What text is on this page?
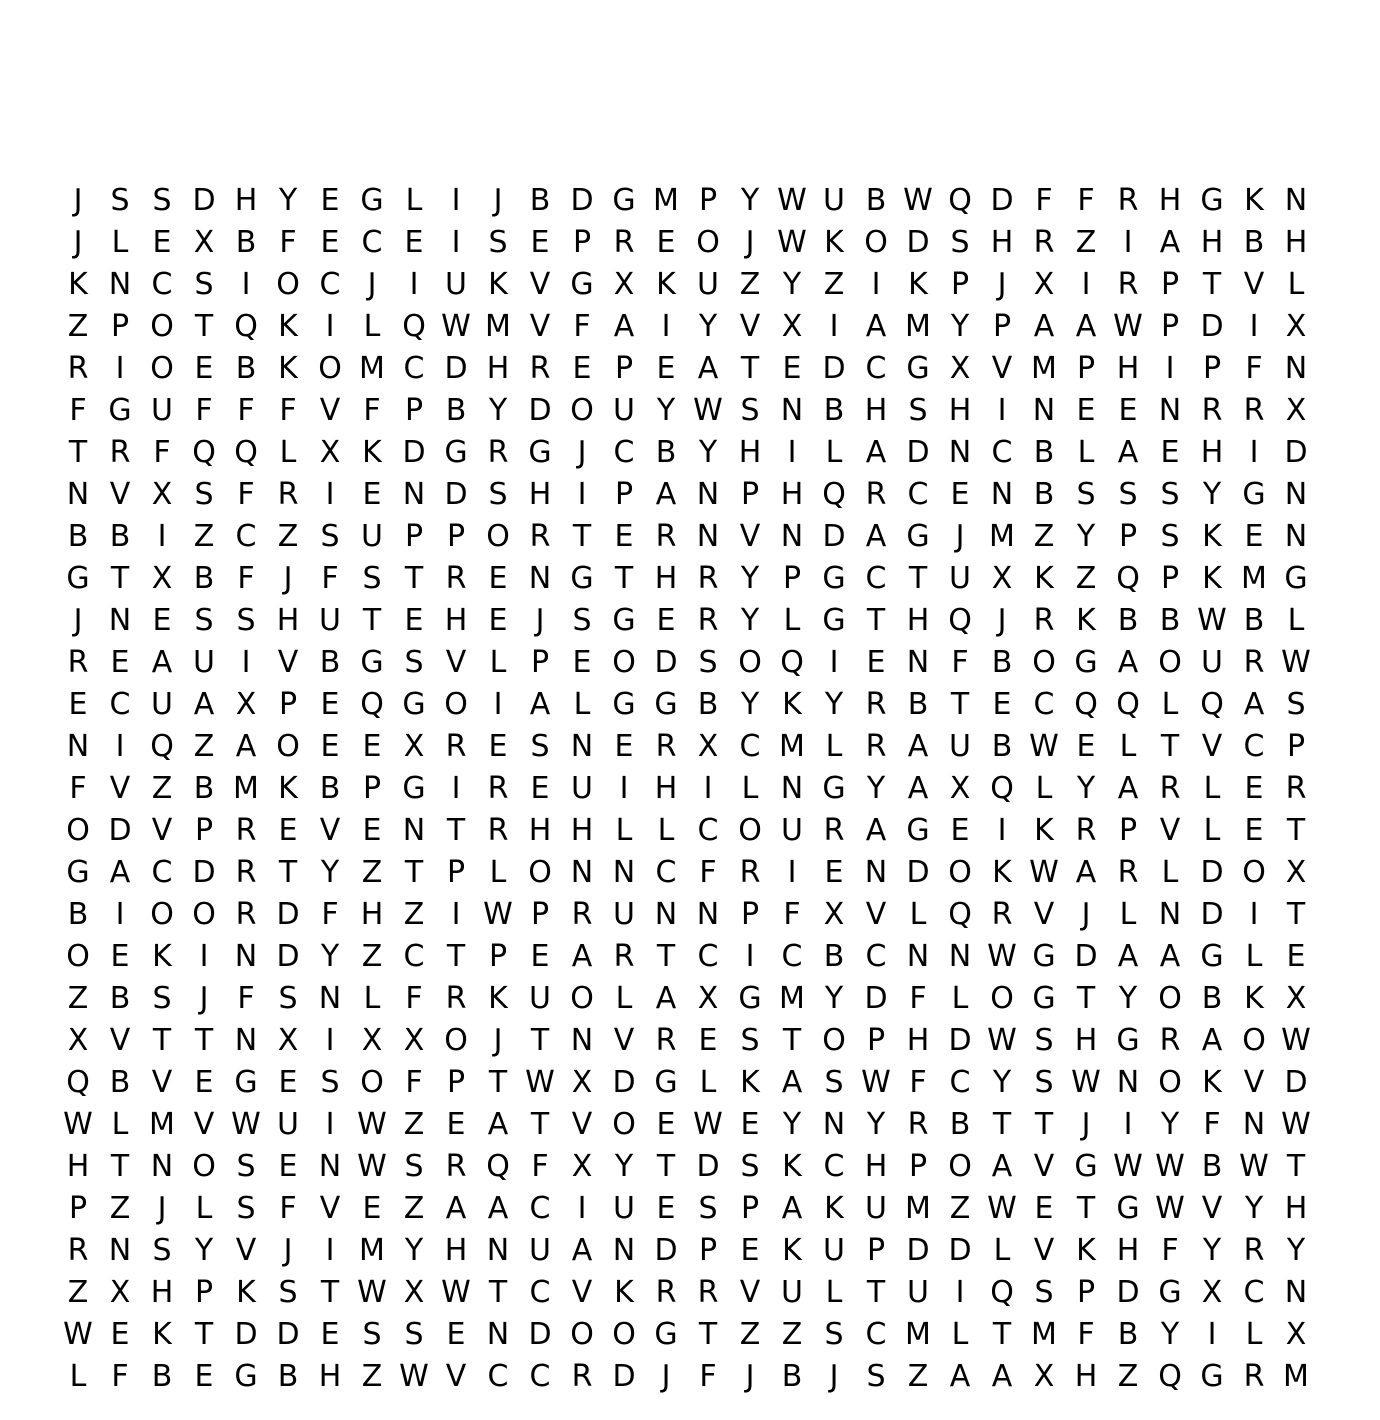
J S S D H Y E G L I	J B D G M P Y W U B W Q D F F R H G K N
J L E X B F E C E I S E P R E O J W K O D S H R Z I A H B H
K N C S I O C J	I U K V G X K U Z Y Z I K P J X I R P T V L
Z P O T Q K I L Q W M V F A I Y V X I A M Y P A A W P D I X
R I O E B K O M C D H R E P E A T E D C G X V M P H I P F N
F G U F F F V F P B Y D O U Y W S N B H S H I N E E N R R X
T R F Q Q L X K D G R G J C B Y H I L A D N C B L A E H I D
N V X S F R I E N D S H I P A N P H Q R C E N B S S S Y G N
B B I Z C Z S U P P O R T E R N V N D A G J M Z Y P S K E N
G T X B F J F S T R E N G T H R Y P G C T U X K Z Q P K M G
J N E S S H U T E H E J S G E R Y L G T H Q J R K B B W B L
R E A U I V B G S V L P E O D S O Q I E N F B O G A O U R W
E C U A X P E Q G O I A L G G B Y K Y R B T E C Q Q L Q A S
N I Q Z A O E E X R E S N E R X C M L R A U B W E L T V C P
F V Z B M K B P G I R E U I H I L N G Y A X Q L Y A R L E R
O D V P R E V E N T R H H L L C O U R A G E I K R P V L E T
G A C D R T Y Z T P L O N N C F R I E N D O K W A R L D O X
B I O O R D F H Z I W P R U N N P F X V L Q R V J L N D I T
O E K I N D Y Z C T P E A R T C I C B C N N W G D A A G L E
Z B S J F S N L F R K U O L A X G M Y D F L O G T Y O B K X
X V T T N X I X X O J T N V R E S T O P H D W S H G R A O W
Q B V E G E S O F P T W X D G L K A S W F C Y S W N O K V D
W L M V W U I W Z E A T V O E W E Y N Y R B T T J	I Y F N W
H T N O S E N W S R Q F X Y T D S K C H P O A V G W W B W T
P Z J L S F V E Z A A C I U E S P A K U M Z W E T G W V Y H
R N S Y V J	I M Y H N U A N D P E K U P D D L V K H F Y R Y
Z X H P K S T W X W T C V K R R V U L T U I Q S P D G X C N
W E K T D D E S S E N D O O G T Z Z S C M L T M F B Y I L X
L F B E G B H Z W V C C R D J F J B J S Z A A X H Z Q G R M
